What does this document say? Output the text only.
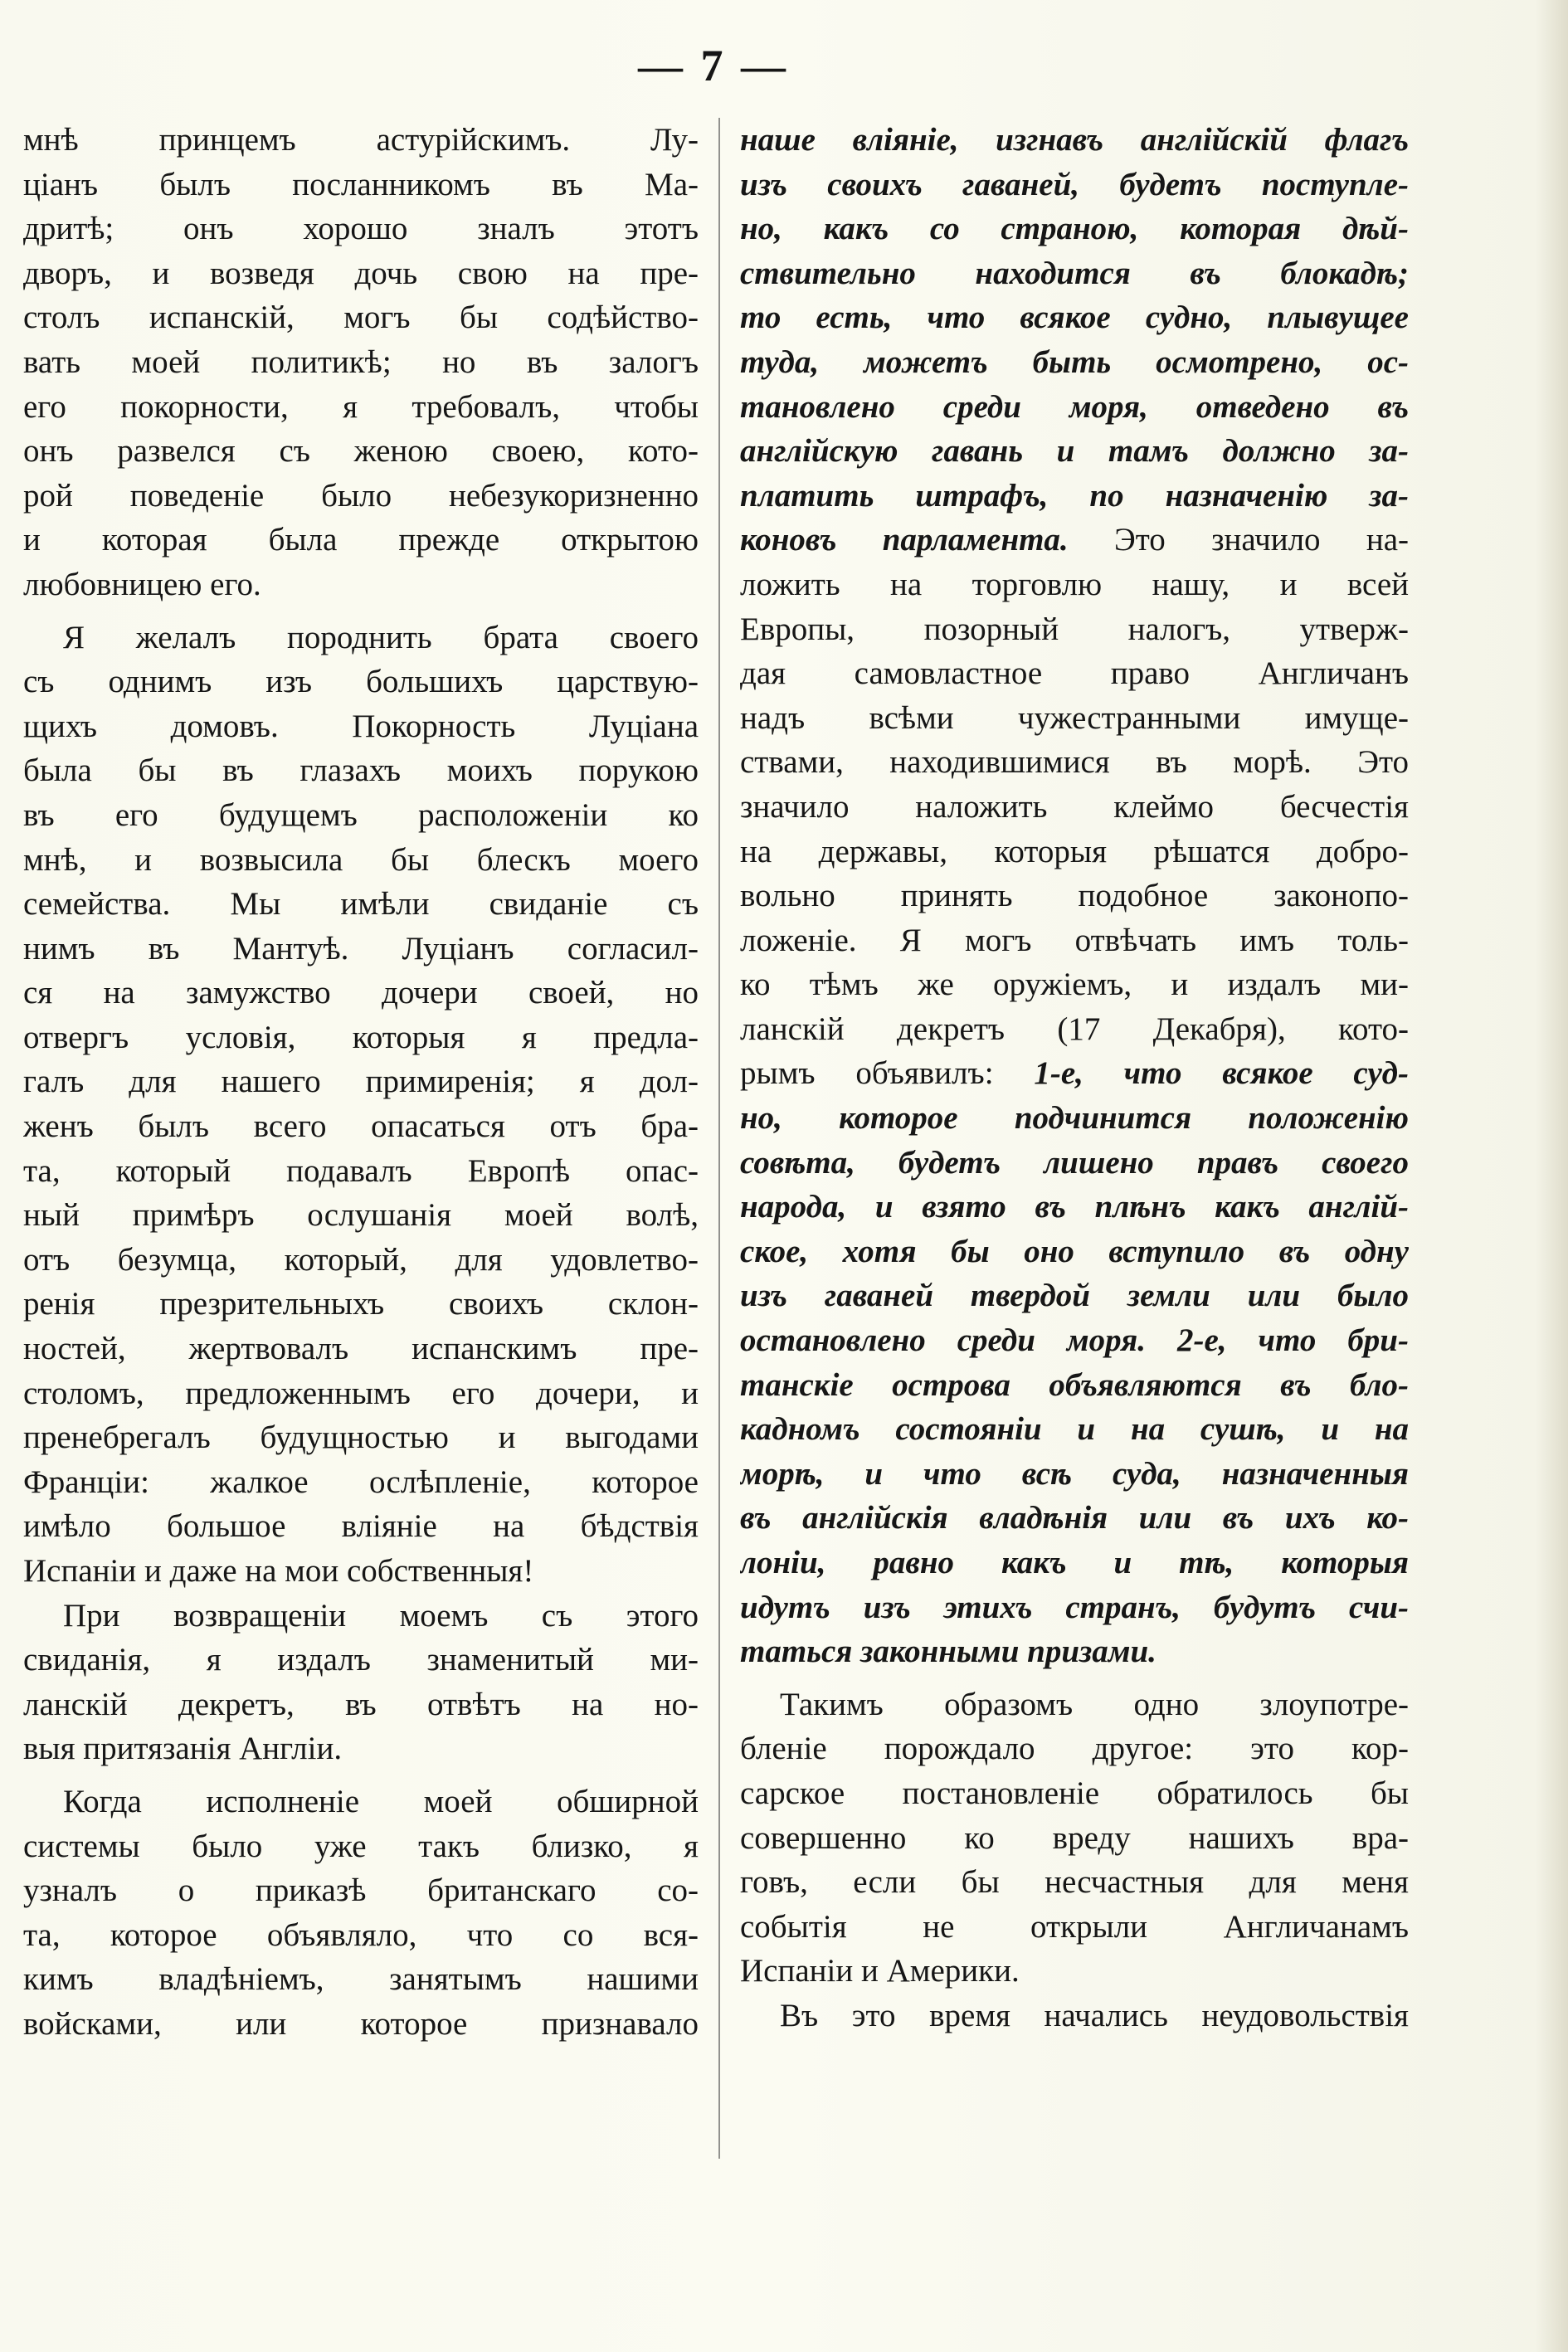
— 7 —
мнѣ принцемъ астурійскимъ. Лу-
ціанъ былъ посланникомъ въ Ма-
дритѣ; онъ хорошо зналъ этотъ
дворъ, и возведя дочь свою на пре-
столъ испанскій, могъ бы содѣйство-
вать моей политикѣ; но въ залогъ
его покорности, я требовалъ, чтобы
онъ развелся съ женою своею, кото-
рой поведеніе было небезукоризненно
и которая была прежде открытою
любовницею его.
Я желалъ породнить брата своего
съ однимъ изъ большихъ царствую-
щихъ домовъ. Покорность Луціана
была бы въ глазахъ моихъ порукою
въ его будущемъ расположеніи ко
мнѣ, и возвысила бы блескъ моего
семейства. Мы имѣли свиданіе съ
нимъ въ Мантуѣ. Луціанъ согласил-
ся на замужство дочери своей, но
отвергъ условія, которыя я предла-
галъ для нашего примиренія; я дол-
женъ былъ всего опасаться отъ бра-
та, который подавалъ Европѣ опас-
ный примѣръ ослушанія моей волѣ,
отъ безумца, который, для удовлетво-
ренія презрительныхъ своихъ склон-
ностей, жертвовалъ испанскимъ пре-
столомъ, предложеннымъ его дочери, и
пренебрегалъ будущностью и выгодами
Франціи: жалкое ослѣпленіе, которое
имѣло большое вліяніе на бѣдствія
Испаніи и даже на мои собственныя!
При возвращеніи моемъ съ этого
свиданія, я издалъ знаменитый ми-
ланскій декретъ, въ отвѣтъ на но-
выя притязанія Англіи.
Когда исполненіе моей обширной
системы было уже такъ близко, я
узналъ о приказѣ британскаго со-
та, которое объявляло, что со вся-
кимъ владѣніемъ, занятымъ нашими
войсками, или которое признавало
наше вліяніе, изгнавъ англійскій флагъ
изъ своихъ гаваней, будетъ поступле-
но, какъ со страною, которая дѣй-
ствительно находится въ блокадѣ;
то есть, что всякое судно, плывущее
туда, можетъ быть осмотрено, ос-
тановлено среди моря, отведено въ
англійскую гавань и тамъ должно за-
платить штрафъ, по назначенію за-
коновъ парламента. Это значило на-
ложить на торговлю нашу, и всей
Европы, позорный налогъ, утверж-
дая самовластное право Англичанъ
надъ всѣми чужестранными имуще-
ствами, находившимися въ морѣ. Это
значило наложить клеймо бесчестія
на державы, которыя рѣшатся добро-
вольно принять подобное законопо-
ложеніе. Я могъ отвѣчать имъ толь-
ко тѣмъ же оружіемъ, и издалъ ми-
ланскій декретъ (17 Декабря), кото-
рымъ объявилъ: 1-е, что всякое суд-
но, которое подчинится положенію
совѣта, будетъ лишено правъ своего
народа, и взято въ плѣнъ какъ англій-
ское, хотя бы оно вступило въ одну
изъ гаваней твердой земли или было
остановлено среди моря. 2-е, что бри-
танскіе острова объявляются въ бло-
кадномъ состояніи и на сушѣ, и на
морѣ, и что всѣ суда, назначенныя
въ англійскія владѣнія или въ ихъ ко-
лоніи, равно какъ и тѣ, которыя
идутъ изъ этихъ странъ, будутъ счи-
таться законными призами.
Такимъ образомъ одно злоупотре-
бленіе порождало другое: это кор-
сарское постановленіе обратилось бы
совершенно ко вреду нашихъ вра-
говъ, если бы несчастныя для меня
событія не открыли Англичанамъ
Испаніи и Америки.
Въ это время начались неудовольствія
